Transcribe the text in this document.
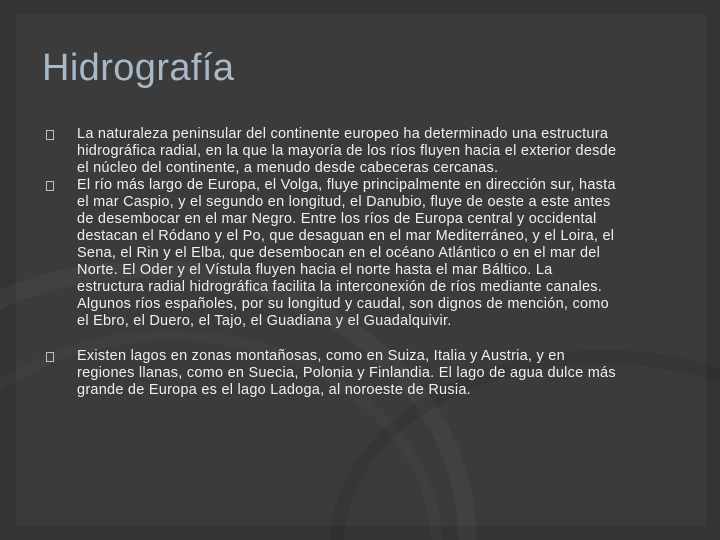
Hidrografía
La naturaleza peninsular del continente europeo ha determinado una estructura hidrográfica radial, en la que la mayoría de los ríos fluyen hacia el exterior desde el núcleo del continente, a menudo desde cabeceras cercanas.
El río más largo de Europa, el Volga, fluye principalmente en dirección sur, hasta el mar Caspio, y el segundo en longitud, el Danubio, fluye de oeste a este antes de desembocar en el mar Negro. Entre los ríos de Europa central y occidental destacan el Ródano y el Po, que desaguan en el mar Mediterráneo, y el Loira, el Sena, el Rin y el Elba, que desembocan en el océano Atlántico o en el mar del Norte. El Oder y el Vístula fluyen hacia el norte hasta el mar Báltico. La estructura radial hidrográfica facilita la interconexión de ríos mediante canales. Algunos ríos españoles, por su longitud y caudal, son dignos de mención, como el Ebro, el Duero, el Tajo, el Guadiana y el Guadalquivir.
Existen lagos en zonas montañosas, como en Suiza, Italia y Austria, y en regiones llanas, como en Suecia, Polonia y Finlandia. El lago de agua dulce más grande de Europa es el lago Ladoga, al noroeste de Rusia.
